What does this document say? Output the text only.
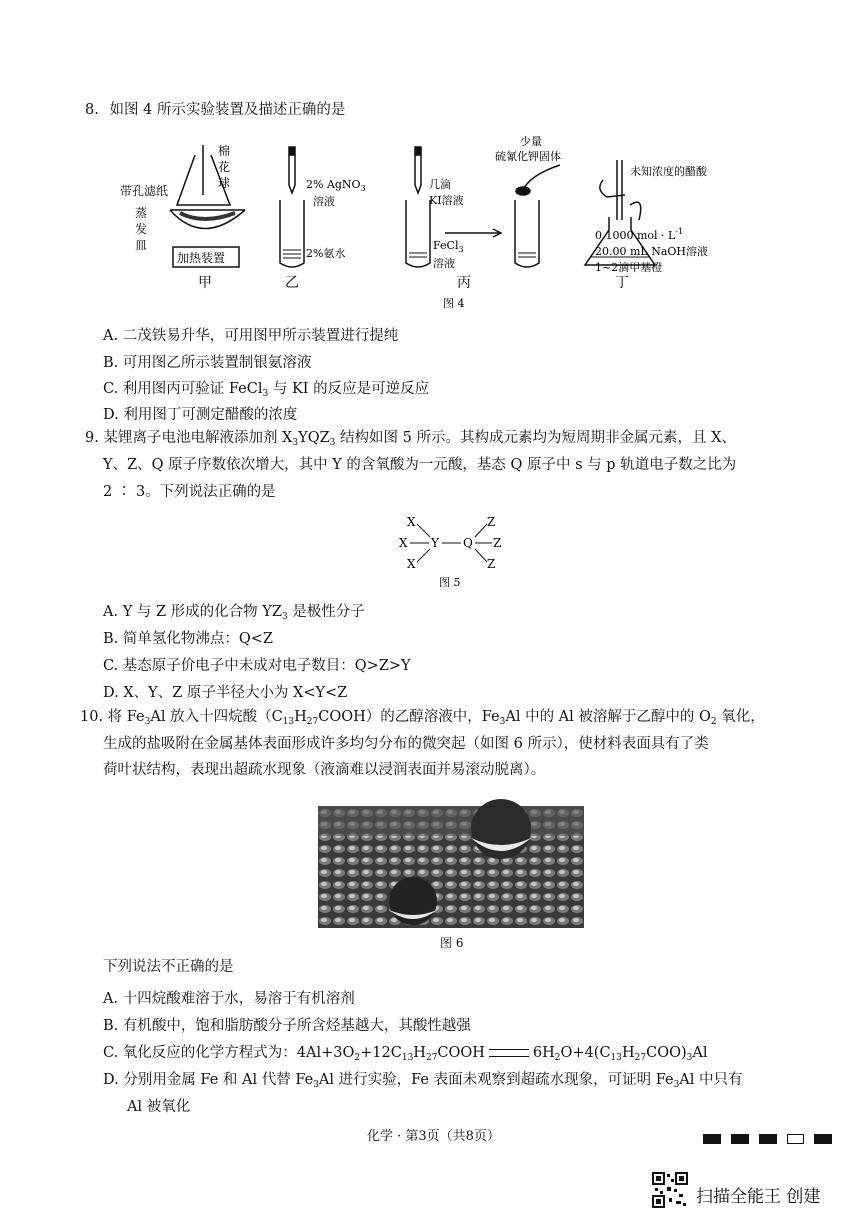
8. 如图 4 所示实验装置及描述正确的是
棉
花
球
带孔滤纸
蒸
发
皿
加热装置
甲
2% AgNO$_3$
溶液
2%氨水
乙
几滴
KI溶液
FeCl$_3$
溶液
少量
硫氰化钾固体
丙
未知浓度的醋酸
0.1000 mol · $L^{-1}$
20.00 mL NaOH溶液
1~2滴甲基橙
丁
图 4
A. 二茂铁易升华，可用图甲所示装置进行提纯
B. 可用图乙所示装置制银氨溶液
C. 利用图丙可验证 FeCl$_3$ 与 KI 的反应是可逆反应
D. 利用图丁可测定醋酸的浓度
9. 某锂离子电池电解液添加剂 $X_3YQZ_3$ 结构如图 5 所示。其构成元素均为短周期非金属元素，且 X、
Y、Z、Q 原子序数依次增大，其中 Y 的含氧酸为一元酸，基态 Q 原子中 s 与 p 轨道电子数之比为
2 ∶ 3。下列说法正确的是
X
X
X
Y Q
Z
Z
Z
图 5
A. Y 与 Z 形成的化合物 $YZ_3$ 是极性分子
B. 简单氢化物沸点：Q<Z
C. 基态原子价电子中未成对电子数目：Q>Z>Y
D. X、Y、Z 原子半径大小为 X<Y<Z
10. 将 $Fe_3Al$ 放入十四烷酸$(C_{13}H_{27}COOH)$的乙醇溶液中，$Fe_3Al$ 中的 Al 被溶解于乙醇中的 $O_2$ 氧化，
生成的盐吸附在金属基体表面形成许多均匀分布的微突起（如图 6 所示），使材料表面具有了类
荷叶状结构，表现出超疏水现象（液滴难以浸润表面并易滚动脱离）。
图 6
下列说法不正确的是
A. 十四烷酸难溶于水，易溶于有机溶剂
B. 有机酸中，饱和脂肪酸分子所含烃基越大，其酸性越强
C. 氧化反应的化学方程式为：$4Al+3O_2+12C_{13}H_{27}COOH$	$6H_2O+4(C_{13}H_{27}COO)_3Al$
D. 分别用金属 Fe 和 Al 代替 $Fe_3Al$ 进行实验，Fe 表面未观察到超疏水现象，可证明 $Fe_3Al$ 中只有
Al 被氧化
化学 · 第3页（共8页）
扫描全能王 创建
